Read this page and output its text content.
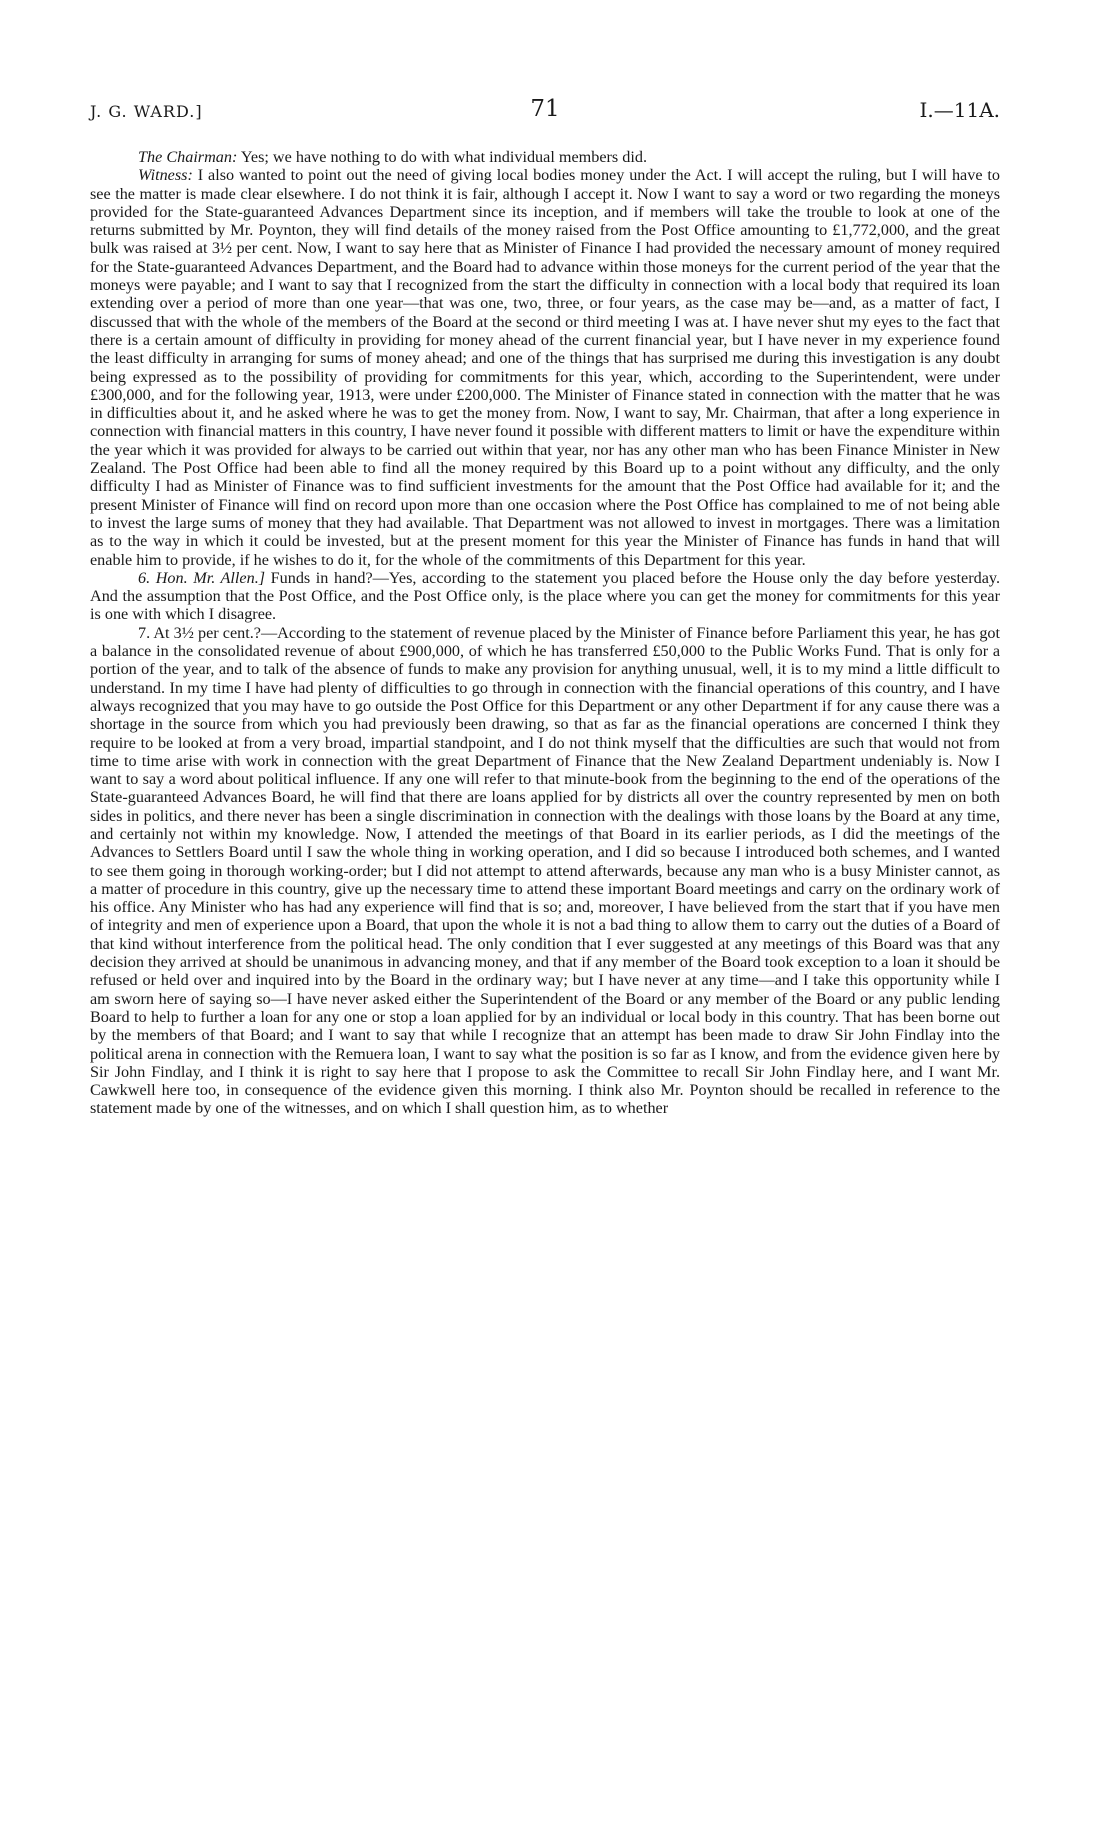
J. G. WARD.]	71	I.—11A.

The Chairman: Yes; we have nothing to do with what individual members did.

Witness: I also wanted to point out the need of giving local bodies money under the Act. I will accept the ruling, but I will have to see the matter is made clear elsewhere. I do not think it is fair, although I accept it. Now I want to say a word or two regarding the moneys provided for the State-guaranteed Advances Department since its inception, and if members will take the trouble to look at one of the returns submitted by Mr. Poynton, they will find details of the money raised from the Post Office amounting to £1,772,000, and the great bulk was raised at 3½ per cent. Now, I want to say here that as Minister of Finance I had provided the necessary amount of money required for the State-guaranteed Advances Department, and the Board had to advance within those moneys for the current period of the year that the moneys were payable; and I want to say that I recognized from the start the difficulty in connection with a local body that required its loan extending over a period of more than one year—that was one, two, three, or four years, as the case may be—and, as a matter of fact, I discussed that with the whole of the members of the Board at the second or third meeting I was at. I have never shut my eyes to the fact that there is a certain amount of difficulty in providing for money ahead of the current financial year, but I have never in my experience found the least difficulty in arranging for sums of money ahead; and one of the things that has surprised me during this investigation is any doubt being expressed as to the possibility of providing for commitments for this year, which, according to the Superintendent, were under £300,000, and for the following year, 1913, were under £200,000. The Minister of Finance stated in connection with the matter that he was in difficulties about it, and he asked where he was to get the money from. Now, I want to say, Mr. Chairman, that after a long experience in connection with financial matters in this country, I have never found it possible with different matters to limit or have the expenditure within the year which it was provided for always to be carried out within that year, nor has any other man who has been Finance Minister in New Zealand. The Post Office had been able to find all the money required by this Board up to a point without any difficulty, and the only difficulty I had as Minister of Finance was to find sufficient investments for the amount that the Post Office had available for it; and the present Minister of Finance will find on record upon more than one occasion where the Post Office has complained to me of not being able to invest the large sums of money that they had available. That Department was not allowed to invest in mortgages. There was a limitation as to the way in which it could be invested, but at the present moment for this year the Minister of Finance has funds in hand that will enable him to provide, if he wishes to do it, for the whole of the commitments of this Department for this year.

6. Hon. Mr. Allen.] Funds in hand?—Yes, according to the statement you placed before the House only the day before yesterday. And the assumption that the Post Office, and the Post Office only, is the place where you can get the money for commitments for this year is one with which I disagree.

7. At 3½ per cent.?—According to the statement of revenue placed by the Minister of Finance before Parliament this year, he has got a balance in the consolidated revenue of about £900,000, of which he has transferred £50,000 to the Public Works Fund. That is only for a portion of the year, and to talk of the absence of funds to make any provision for anything unusual, well, it is to my mind a little difficult to understand. In my time I have had plenty of difficulties to go through in connection with the financial operations of this country, and I have always recognized that you may have to go outside the Post Office for this Department or any other Department if for any cause there was a shortage in the source from which you had previously been drawing, so that as far as the financial operations are concerned I think they require to be looked at from a very broad, impartial standpoint, and I do not think myself that the difficulties are such that would not from time to time arise with work in connection with the great Department of Finance that the New Zealand Department undeniably is. Now I want to say a word about political influence. If any one will refer to that minute-book from the beginning to the end of the operations of the State-guaranteed Advances Board, he will find that there are loans applied for by districts all over the country represented by men on both sides in politics, and there never has been a single discrimination in connection with the dealings with those loans by the Board at any time, and certainly not within my knowledge. Now, I attended the meetings of that Board in its earlier periods, as I did the meetings of the Advances to Settlers Board until I saw the whole thing in working operation, and I did so because I introduced both schemes, and I wanted to see them going in thorough working-order; but I did not attempt to attend afterwards, because any man who is a busy Minister cannot, as a matter of procedure in this country, give up the necessary time to attend these important Board meetings and carry on the ordinary work of his office. Any Minister who has had any experience will find that is so; and, moreover, I have believed from the start that if you have men of integrity and men of experience upon a Board, that upon the whole it is not a bad thing to allow them to carry out the duties of a Board of that kind without interference from the political head. The only condition that I ever suggested at any meetings of this Board was that any decision they arrived at should be unanimous in advancing money, and that if any member of the Board took exception to a loan it should be refused or held over and inquired into by the Board in the ordinary way; but I have never at any time—and I take this opportunity while I am sworn here of saying so—I have never asked either the Superintendent of the Board or any member of the Board or any public lending Board to help to further a loan for any one or stop a loan applied for by an individual or local body in this country. That has been borne out by the members of that Board; and I want to say that while I recognize that an attempt has been made to draw Sir John Findlay into the political arena in connection with the Remuera loan, I want to say what the position is so far as I know, and from the evidence given here by Sir John Findlay, and I think it is right to say here that I propose to ask the Committee to recall Sir John Findlay here, and I want Mr. Cawkwell here too, in consequence of the evidence given this morning. I think also Mr. Poynton should be recalled in reference to the statement made by one of the witnesses, and on which I shall question him, as to whether
